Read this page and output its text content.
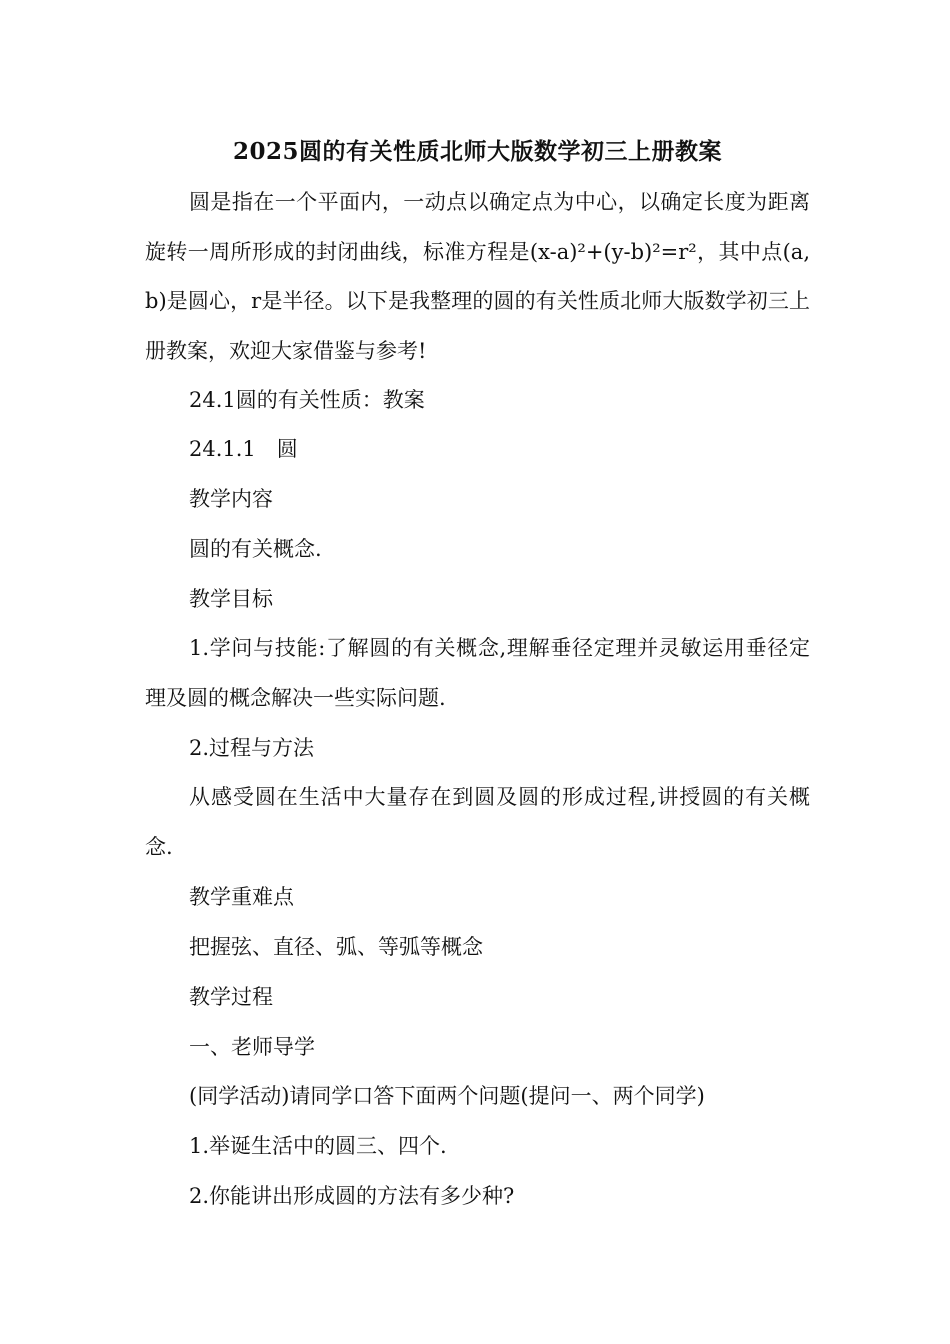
2025圆的有关性质北师大版数学初三上册教案
圆是指在一个平面内，一动点以确定点为中心，以确定长度为距离旋转一周所形成的封闭曲线，标准方程是(x-a)²+(y-b)²=r²，其中点(a,b)是圆心，r是半径。以下是我整理的圆的有关性质北师大版数学初三上册教案，欢迎大家借鉴与参考!
24.1圆的有关性质：教案
24.1.1　圆
教学内容
圆的有关概念.
教学目标
1.学问与技能:了解圆的有关概念,理解垂径定理并灵敏运用垂径定理及圆的概念解决一些实际问题.
2.过程与方法
从感受圆在生活中大量存在到圆及圆的形成过程,讲授圆的有关概念.
教学重难点
把握弦、直径、弧、等弧等概念
教学过程
一、老师导学
(同学活动)请同学口答下面两个问题(提问一、两个同学)
1.举诞生活中的圆三、四个.
2.你能讲出形成圆的方法有多少种?
